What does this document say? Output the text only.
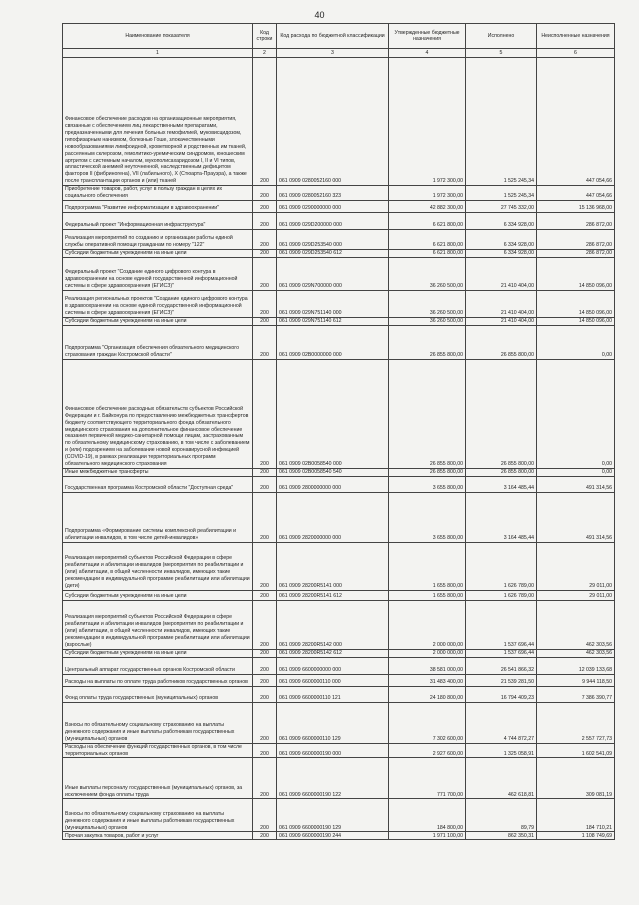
40
Наименование показателя	Код строки	Код расхода по бюджетной классификации	Утвержденные бюджетные назначения	Исполнено	Неисполненные назначения
1	2	3	4	5	6
Финансовое обеспечение расходов на организационные мероприятия, связанные с обеспечением лиц лекарственными препаратами, предназначенными для лечения больных гемофилией, муковисцидозом, гипофизарным нанизмом, болезнью Гоше, злокачественными новообразованиями лимфоидной, кроветворной и родственных им тканей, рассеянным склерозом, гемолитико-уремическим синдромом, юношеским артритом с системным началом, мукополисахаридозом I, II и VI типов, апластической анемией неуточненной, наследственным дефицитом факторов II (фибриногена), VII (лабильного), X (Стюарта-Прауэра), а также после трансплантации органов и (или) тканей	200	061 0909 0280052160 000	1 972 300,00	1 525 245,34	447 054,66
Приобретение товаров, работ, услуг в пользу граждан в целях их социального обеспечения	200	061 0909 0280052160 323	1 972 300,00	1 525 245,34	447 054,66
Подпрограмма "Развитие информатизации в здравоохранении"	200	061 0909 0290000000 000	42 882 300,00	27 745 332,00	15 136 968,00
Федеральный проект "Информационная инфраструктура"	200	061 0909 029D200000 000	6 621 800,00	6 334 928,00	286 872,00
Реализация мероприятий по созданию и организации работы единой службы оперативной помощи гражданам по номеру "122"	200	061 0909 029D253540 000	6 621 800,00	6 334 928,00	286 872,00
Субсидии бюджетным учреждениям на иные цели	200	061 0909 029D253540 612	6 621 800,00	6 334 928,00	286 872,00
Федеральный проект "Создание единого цифрового контура в здравоохранении на основе единой государственной информационной системы в сфере здравоохранения (ЕГИСЗ)"	200	061 0909 029N700000 000	36 260 500,00	21 410 404,00	14 850 096,00
Реализация региональных проектов "Создание единого цифрового контура в здравоохранении на основе единой государственной информационной системы в сфере здравоохранения (ЕГИСЗ)"	200	061 0909 029N751140 000	36 260 500,00	21 410 404,00	14 850 096,00
Субсидии бюджетным учреждениям на иные цели	200	061 0909 029N751140 612	36 260 500,00	21 410 404,00	14 850 096,00
Подпрограмма "Организация обеспечения обязательного медицинского страхования граждан Костромской области"	200	061 0909 02B0000000 000	26 855 800,00	26 855 800,00	0,00
Финансовое обеспечение расходных обязательств субъектов Российской Федерации и г. Байконура по предоставлению межбюджетных трансфертов бюджету соответствующего территориального фонда обязательного медицинского страхования на дополнительное финансовое обеспечение оказания первичной медико-санитарной помощи лицам, застрахованным по обязательному медицинскому страхованию, в том числе с заболеванием и (или) подозрением на заболевание новой коронавирусной инфекцией (COVID-19), в рамках реализации территориальных программ обязательного медицинского страхования	200	061 0909 02B0058540 000	26 855 800,00	26 855 800,00	0,00
Иные межбюджетные трансферты	200	061 0909 02B0058540 540	26 855 800,00	26 855 800,00	0,00
Государственная программа Костромской области "Доступная среда"	200	061 0909 2800000000 000	3 655 800,00	3 164 485,44	491 314,56
Подпрограмма «Формирование системы комплексной реабилитации и абилитации инвалидов, в том числе детей-инвалидов»	200	061 0909 2820000000 000	3 655 800,00	3 164 485,44	491 314,56
Реализация мероприятий субъектов Российской Федерации в сфере реабилитации и абилитации инвалидов (мероприятия по реабилитации и (или) абилитации, в общей численности инвалидов, имеющих такие рекомендации в индивидуальной программе реабилитации или абилитации (дети)	200	061 0909 28200R5141 000	1 655 800,00	1 626 789,00	29 011,00
Субсидии бюджетным учреждениям на иные цели	200	061 0909 28200R5141 612	1 655 800,00	1 626 789,00	29 011,00
Реализация мероприятий субъектов Российской Федерации в сфере реабилитации и абилитации инвалидов (мероприятия по реабилитации и (или) абилитации, в общей численности инвалидов, имеющих такие рекомендации в индивидуальной программе реабилитации или абилитации (взрослые)	200	061 0909 28200R5142 000	2 000 000,00	1 537 696,44	462 303,56
Субсидии бюджетным учреждениям на иные цели	200	061 0909 28200R5142 612	2 000 000,00	1 537 696,44	462 303,56
Центральный аппарат государственных органов Костромской области	200	061 0909 6600000000 000	38 581 000,00	26 541 866,32	12 039 133,68
Расходы на выплаты по оплате труда работников государственных органов	200	061 0909 6600000110 000	31 483 400,00	21 539 281,50	9 944 118,50
Фонд оплаты труда государственных (муниципальных) органов	200	061 0909 6600000110 121	24 180 800,00	16 794 409,23	7 386 390,77
Взносы по обязательному социальному страхованию на выплаты денежного содержания и иные выплаты работникам государственных (муниципальных) органов	200	061 0909 6600000110 129	7 302 600,00	4 744 872,27	2 557 727,73
Расходы на обеспечение функций государственных органов, в том числе территориальных органов	200	061 0909 6600000190 000	2 927 600,00	1 325 058,91	1 602 541,09
Иные выплаты персоналу государственных (муниципальных) органов, за исключением фонда оплаты труда	200	061 0909 6600000190 122	771 700,00	462 618,81	309 081,19
Взносы по обязательному социальному страхованию на выплаты денежного содержания и иные выплаты работникам государственных (муниципальных) органов	200	061 0909 6600000190 129	184 800,00	89,79	184 710,21
Прочая закупка товаров, работ и услуг	200	061 0909 6600000190 244	1 971 100,00	862 350,31	1 108 749,69
